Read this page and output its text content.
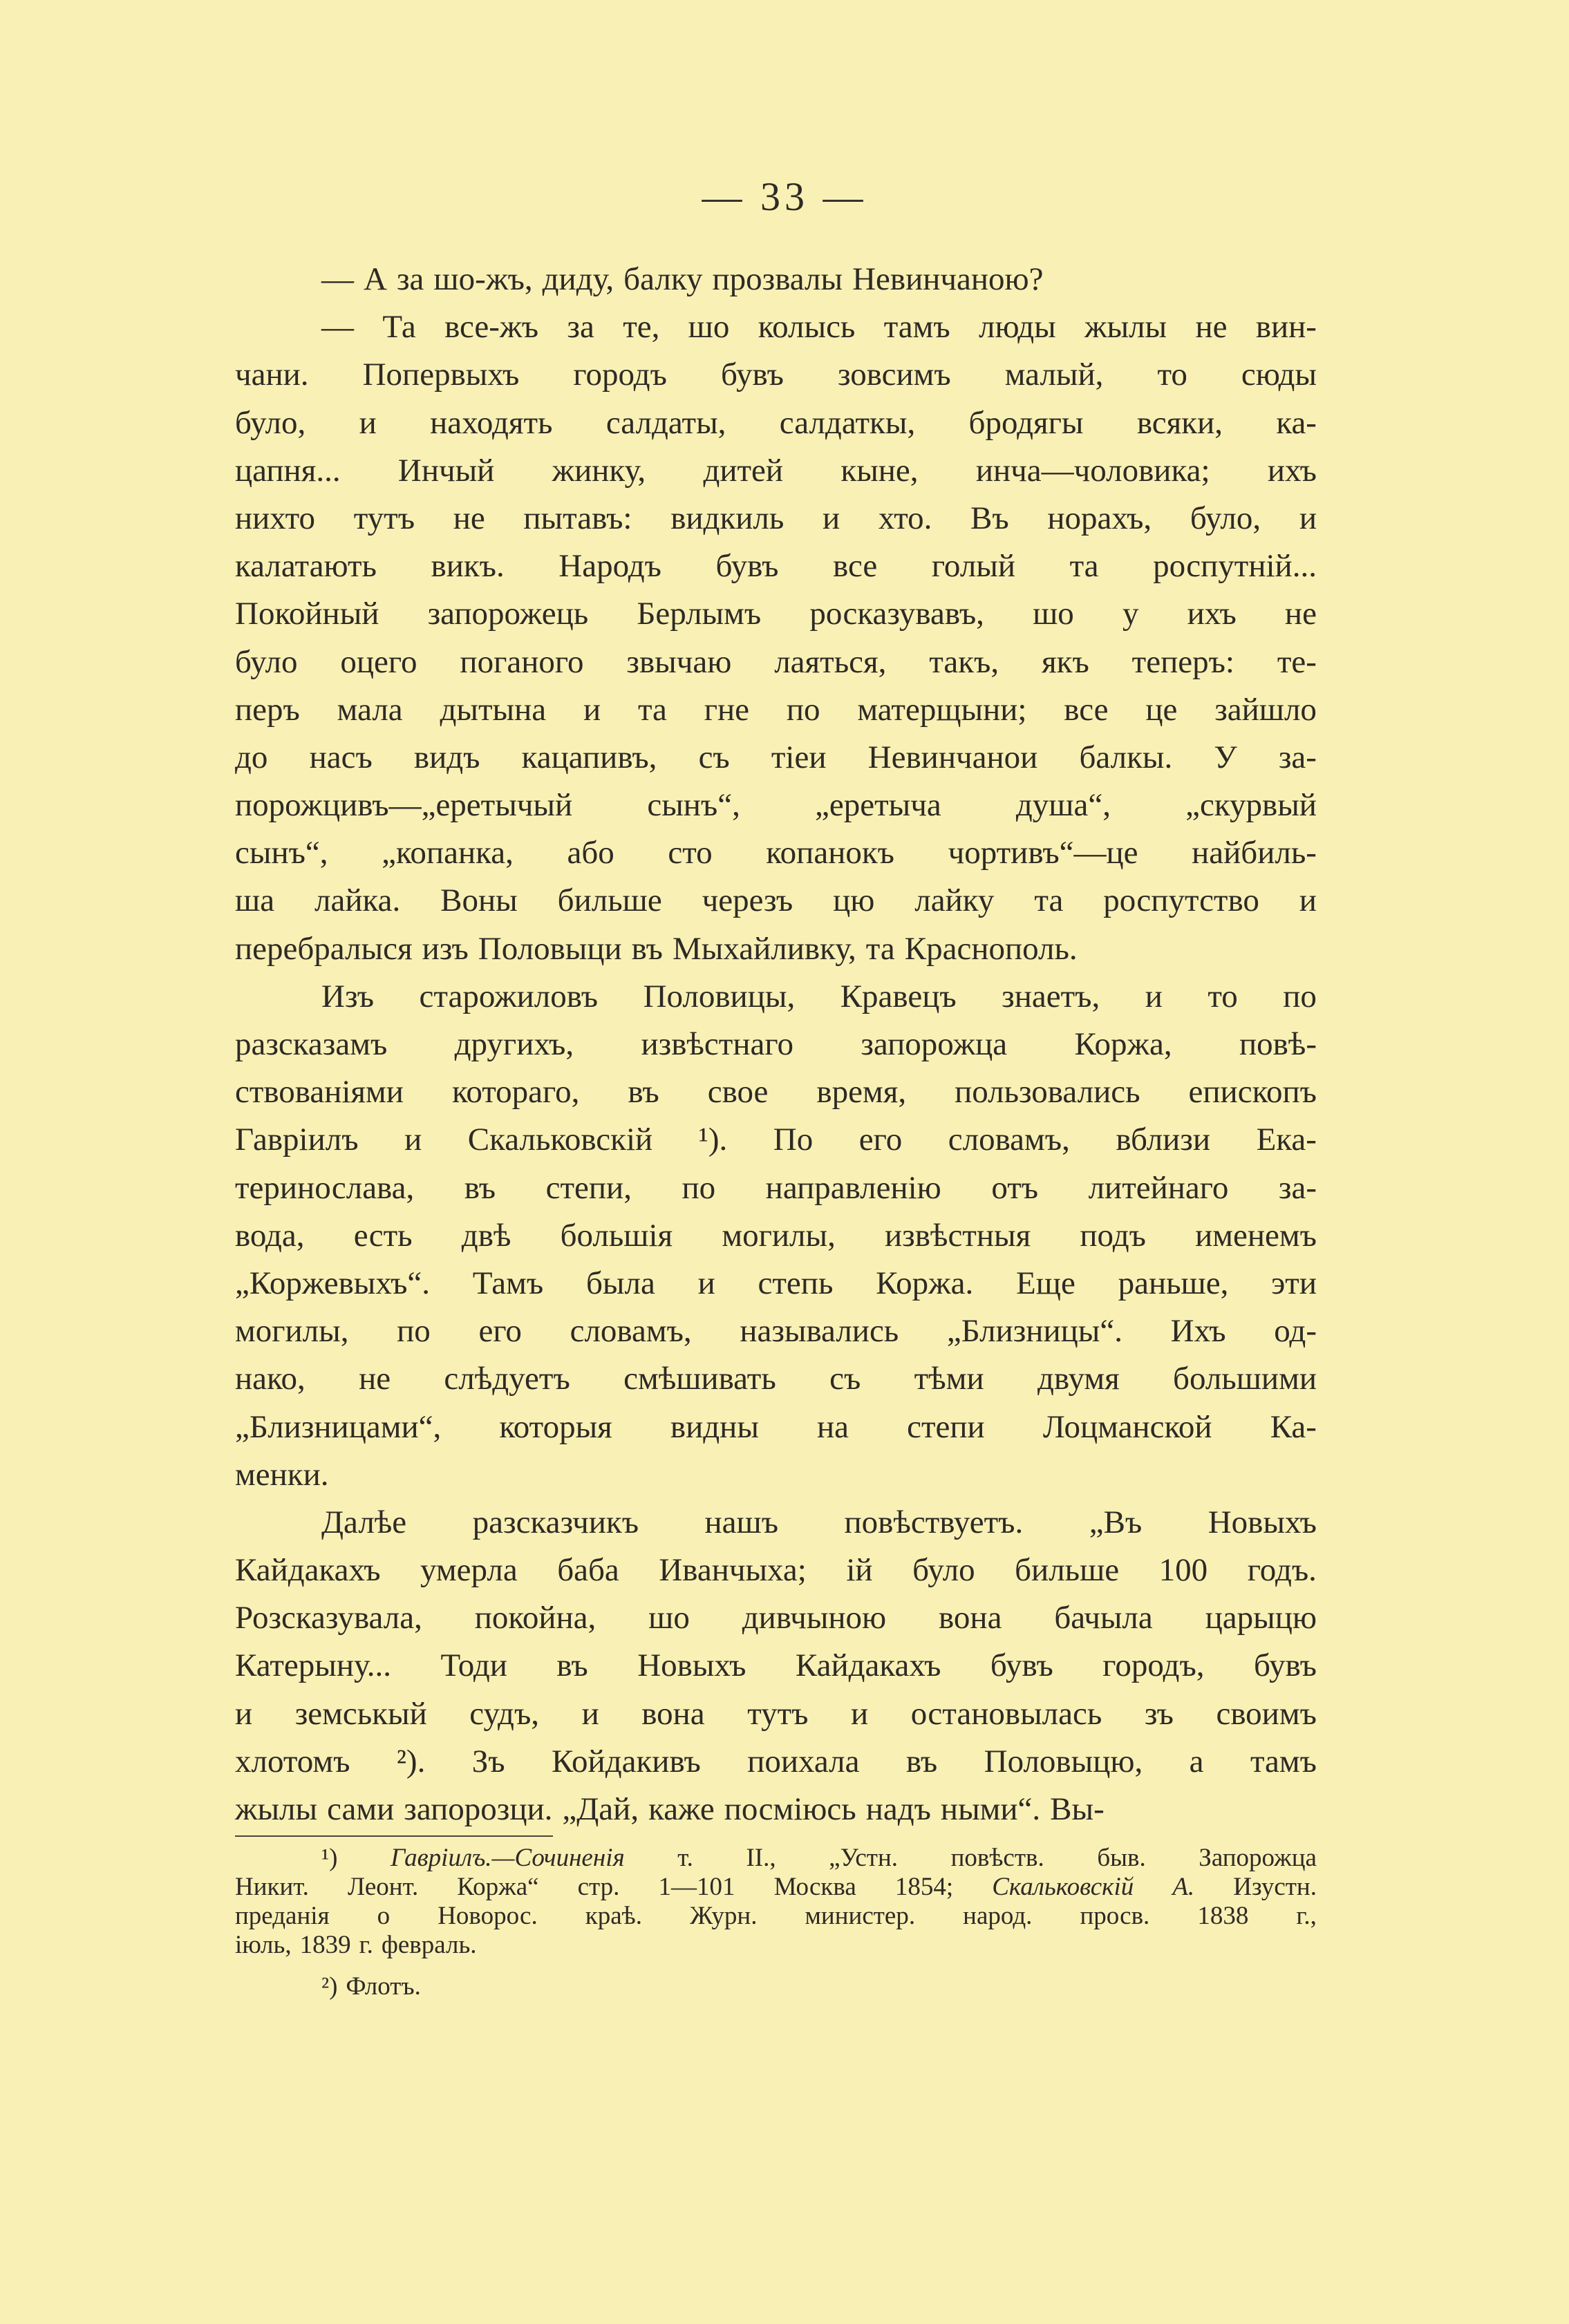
— 33 —
— А за шо-жъ, диду, балку прозвалы Невинчаною?
— Та все-жъ за те, шо колысь тамъ люды жылы не вин-
чани. Попервыхъ городъ бувъ зовсимъ малый, то сюды
було, и находять салдаты, салдаткы, бродягы всяки, ка-
цапня... Инчый жинку, дитей кыне, инча—чоловика; ихъ
нихто тутъ не пытавъ: видкиль и хто. Въ норахъ, було, и
калатають викъ. Народъ бувъ все голый та роспутній...
Покойный запорожець Берлымъ росказувавъ, шо у ихъ не
було оцего поганого звычаю лаяться, такъ, якъ теперъ: те-
перъ мала дытына и та гне по матерщыни; все це зайшло
до насъ видъ кацапивъ, съ тіеи Невинчанои балкы. У за-
порожцивъ—„еретычый сынъ“, „еретыча душа“, „скурвый
сынъ“, „копанка, або сто копанокъ чортивъ“—це найбиль-
ша лайка. Воны бильше черезъ цю лайку та роспутство и
перебралыся изъ Половыци въ Мыхайливку, та Краснополь.
Изъ старожиловъ Половицы, Кравецъ знаетъ, и то по
разсказамъ другихъ, извѣстнаго запорожца Коржа, повѣ-
ствованіями котораго, въ свое время, пользовались епископъ
Гавріилъ и Скальковскій ¹). По его словамъ, вблизи Ека-
теринослава, въ степи, по направленію отъ литейнаго за-
вода, есть двѣ большія могилы, извѣстныя подъ именемъ
„Коржевыхъ“. Тамъ была и степь Коржа. Еще раньше, эти
могилы, по его словамъ, назывались „Близницы“. Ихъ од-
нако, не слѣдуетъ смѣшивать съ тѣми двумя большими
„Близницами“, которыя видны на степи Лоцманской Ка-
менки.
Далѣе разсказчикъ нашъ повѣствуетъ. „Въ Новыхъ
Кайдакахъ умерла баба Иванчыха; ій було бильше 100 годъ.
Розсказувала, покойна, шо дивчыною вона бачыла царыцю
Катерыну... Тоди въ Новыхъ Кайдакахъ бувъ городъ, бувъ
и земськый судъ, и вона тутъ и остановылась зъ своимъ
хлотомъ ²). Зъ Койдакивъ поихала въ Половыцю, а тамъ
жылы сами запорозци. „Дай, каже посміюсь надъ ными“. Вы-
¹) Гавріилъ.—Сочиненія т. II., „Устн. повѣств. быв. Запорожца
Никит. Леонт. Коржа“ стр. 1—101 Москва 1854; Скальковскій А. Изустн.
преданія о Новорос. краѣ. Журн. министер. народ. просв. 1838 г.,
іюль, 1839 г. февраль.
²) Флотъ.
